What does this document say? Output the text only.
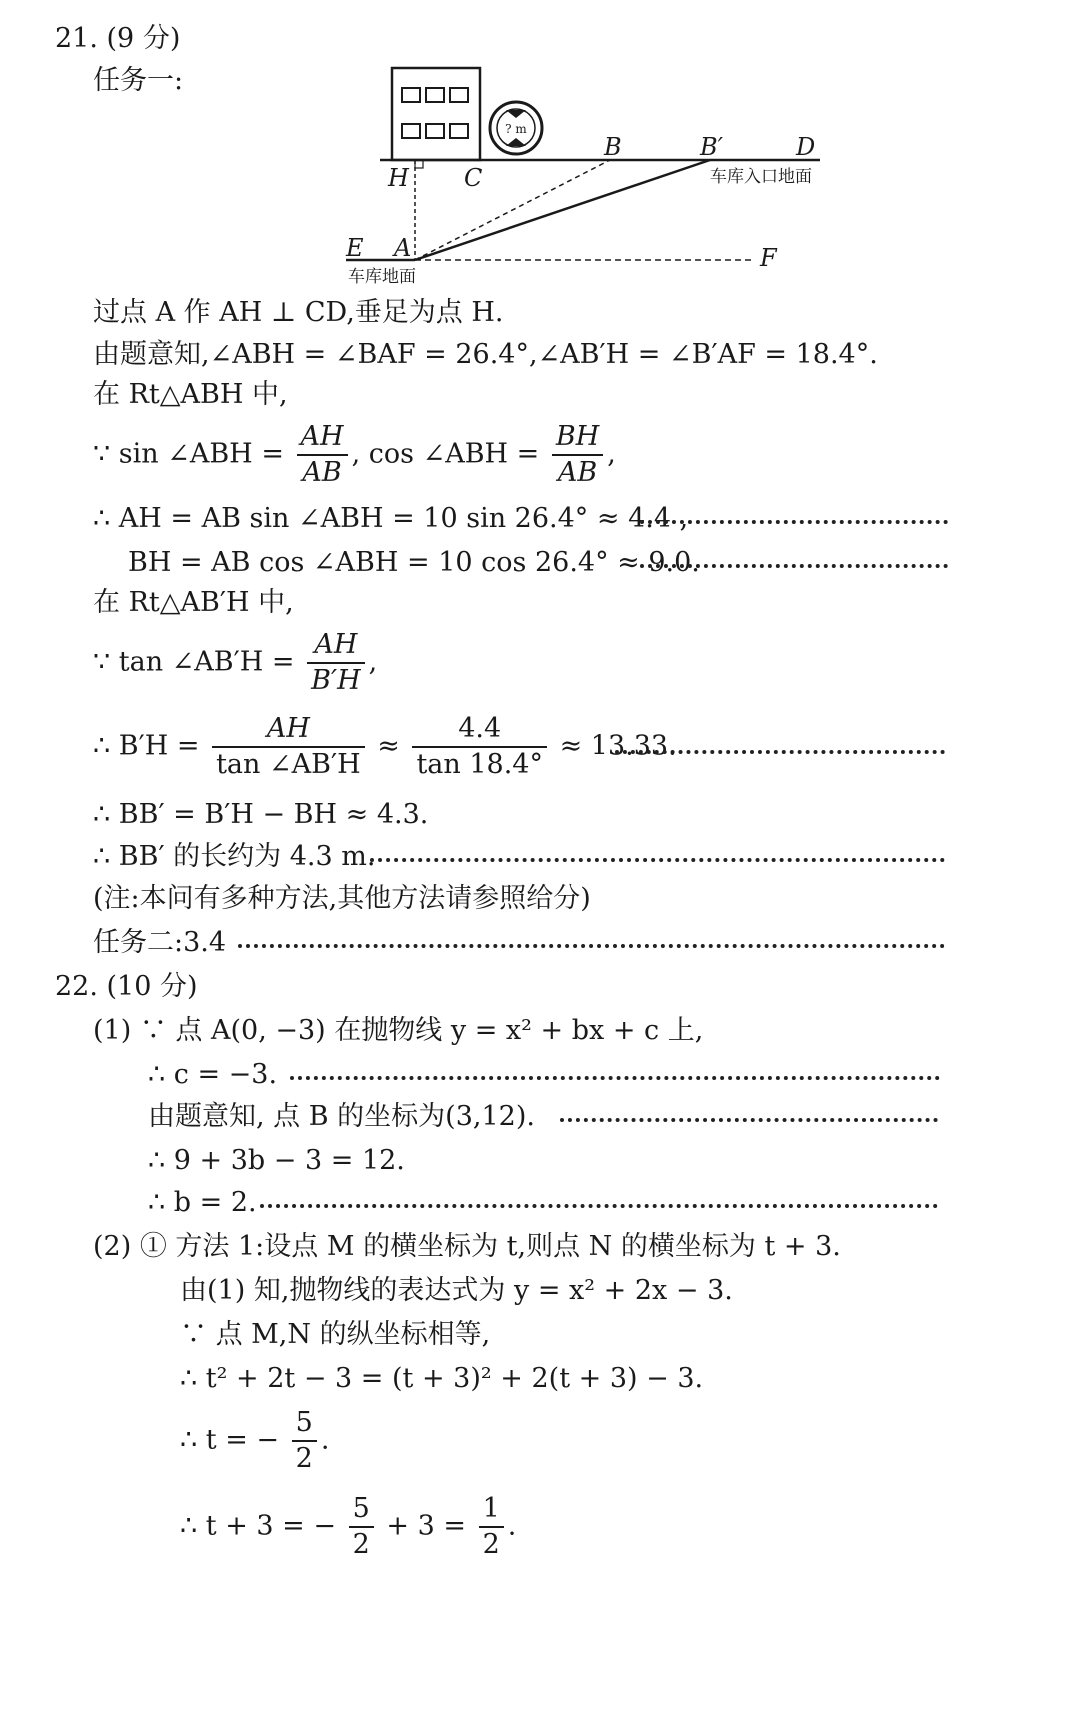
21. (9 分)
任务一:
? m
H C
B	B′	D
E A	F
车库入口地面
车库地面
过点 A 作 AH ⊥ CD,垂足为点 H.
由题意知,∠ABH = ∠BAF = 26.4°,∠AB′H = ∠B′AF = 18.4°.
在 Rt△ABH 中,
∵ sin ∠ABH = $\frac{AH}{AB}$ , cos ∠ABH = $\frac{BH}{AB}$ ,
∴ AH = AB sin ∠ABH = 10 sin 26.4° ≈ 4.4 ,
BH = AB cos ∠ABH = 10 cos 26.4° ≈ 9.0.
在 Rt△AB′H 中,
∵ tan ∠AB′H = $\frac{AH}{B'H}$ ,
∴ $B'H = \frac{AH}{\tan \angle AB'H} \approx \frac{4.4}{\tan 18.4^\circ} \approx 13.33$.
∴ BB′ = B′H − BH ≈ 4.3.
∴ BB′ 的长约为 4.3 m.
(注:本问有多种方法,其他方法请参照给分)
任务二:3.4
22. (10 分)
(1) ∵ 点 A(0, −3) 在抛物线 y = x² + bx + c 上,
∴ c = −3.
由题意知, 点 B 的坐标为(3,12).
∴ 9 + 3b − 3 = 12.
∴ b = 2.
(2) ① 方法 1:设点 M 的横坐标为 t,则点 N 的横坐标为 t + 3.
由(1) 知,抛物线的表达式为 y = x² + 2x − 3.
∵ 点 M,N 的纵坐标相等,
∴ t² + 2t − 3 = (t + 3)² + 2(t + 3) − 3.
∴ t = − $\frac{5}{2}$ .
∴ t + 3 = − $\frac{5}{2} + 3 = \frac{1}{2}$ .
